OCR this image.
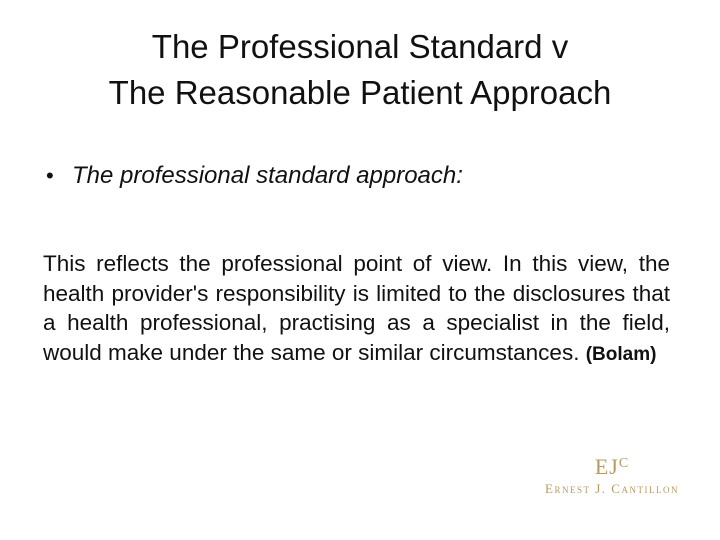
The Professional Standard v
The Reasonable Patient Approach
• The professional standard approach:

This reflects the professional point of view. In this view, the health provider's responsibility is limited to the disclosures that a health professional, practising as a specialist in the field, would make under the same or similar circumstances. (Bolam)

$EJ^C$
Ernest J. Cantillon
